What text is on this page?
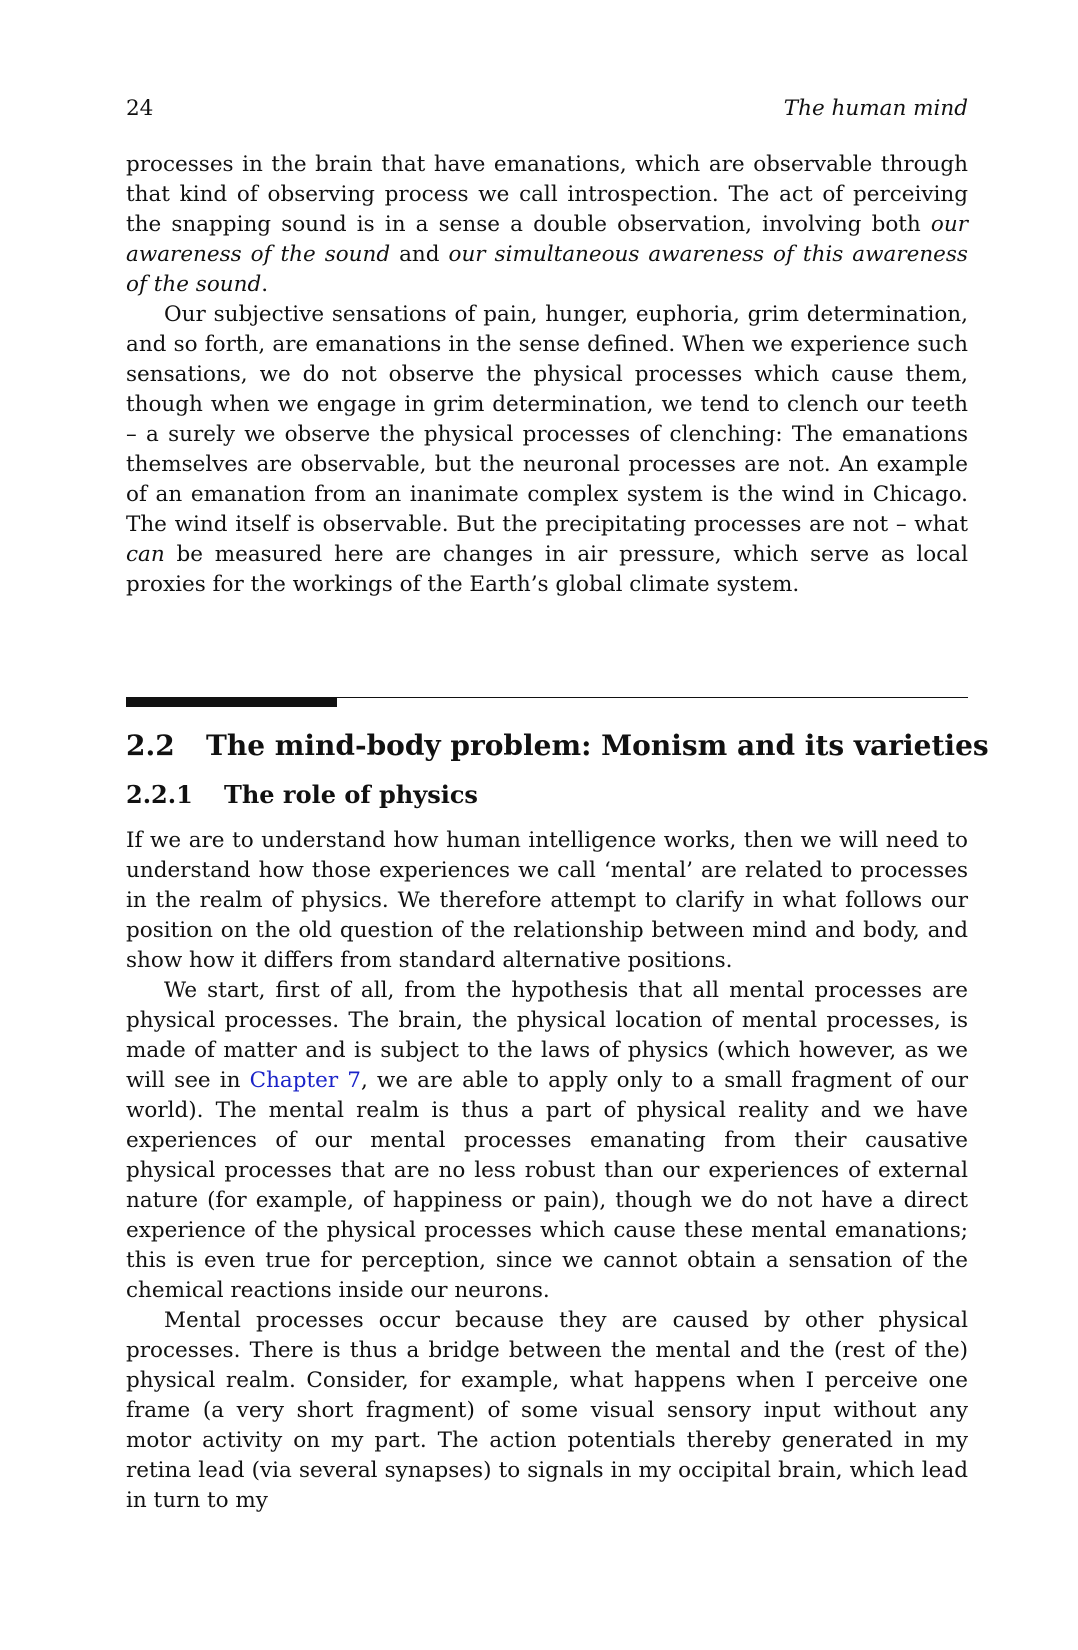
24	The human mind

processes in the brain that have emanations, which are observable through that kind of observing process we call introspection. The act of perceiving the snapping sound is in a sense a double observation, involving both our awareness of the sound and our simultaneous awareness of this awareness of the sound.

Our subjective sensations of pain, hunger, euphoria, grim determination, and so forth, are emanations in the sense defined. When we experience such sensations, we do not observe the physical processes which cause them, though when we engage in grim determination, we tend to clench our teeth – a surely we observe the physical processes of clenching: The emanations themselves are observable, but the neuronal processes are not. An example of an emanation from an inanimate complex system is the wind in Chicago. The wind itself is observable. But the precipitating processes are not – what can be measured here are changes in air pressure, which serve as local proxies for the workings of the Earth’s global climate system.

2.2 The mind-body problem: Monism and its varieties
2.2.1 The role of physics

If we are to understand how human intelligence works, then we will need to understand how those experiences we call ‘mental’ are related to processes in the realm of physics. We therefore attempt to clarify in what follows our position on the old question of the relationship between mind and body, and show how it differs from standard alternative positions.

We start, first of all, from the hypothesis that all mental processes are physical processes. The brain, the physical location of mental processes, is made of matter and is subject to the laws of physics (which however, as we will see in Chapter 7, we are able to apply only to a small fragment of our world). The mental realm is thus a part of physical reality and we have experiences of our mental processes emanating from their causative physical processes that are no less robust than our experiences of external nature (for example, of happiness or pain), though we do not have a direct experience of the physical processes which cause these mental emanations; this is even true for perception, since we cannot obtain a sensation of the chemical reactions inside our neurons.

Mental processes occur because they are caused by other physical processes. There is thus a bridge between the mental and the (rest of the) physical realm. Consider, for example, what happens when I perceive one frame (a very short fragment) of some visual sensory input without any motor activity on my part. The action potentials thereby generated in my retina lead (via several synapses) to signals in my occipital brain, which lead in turn to my
